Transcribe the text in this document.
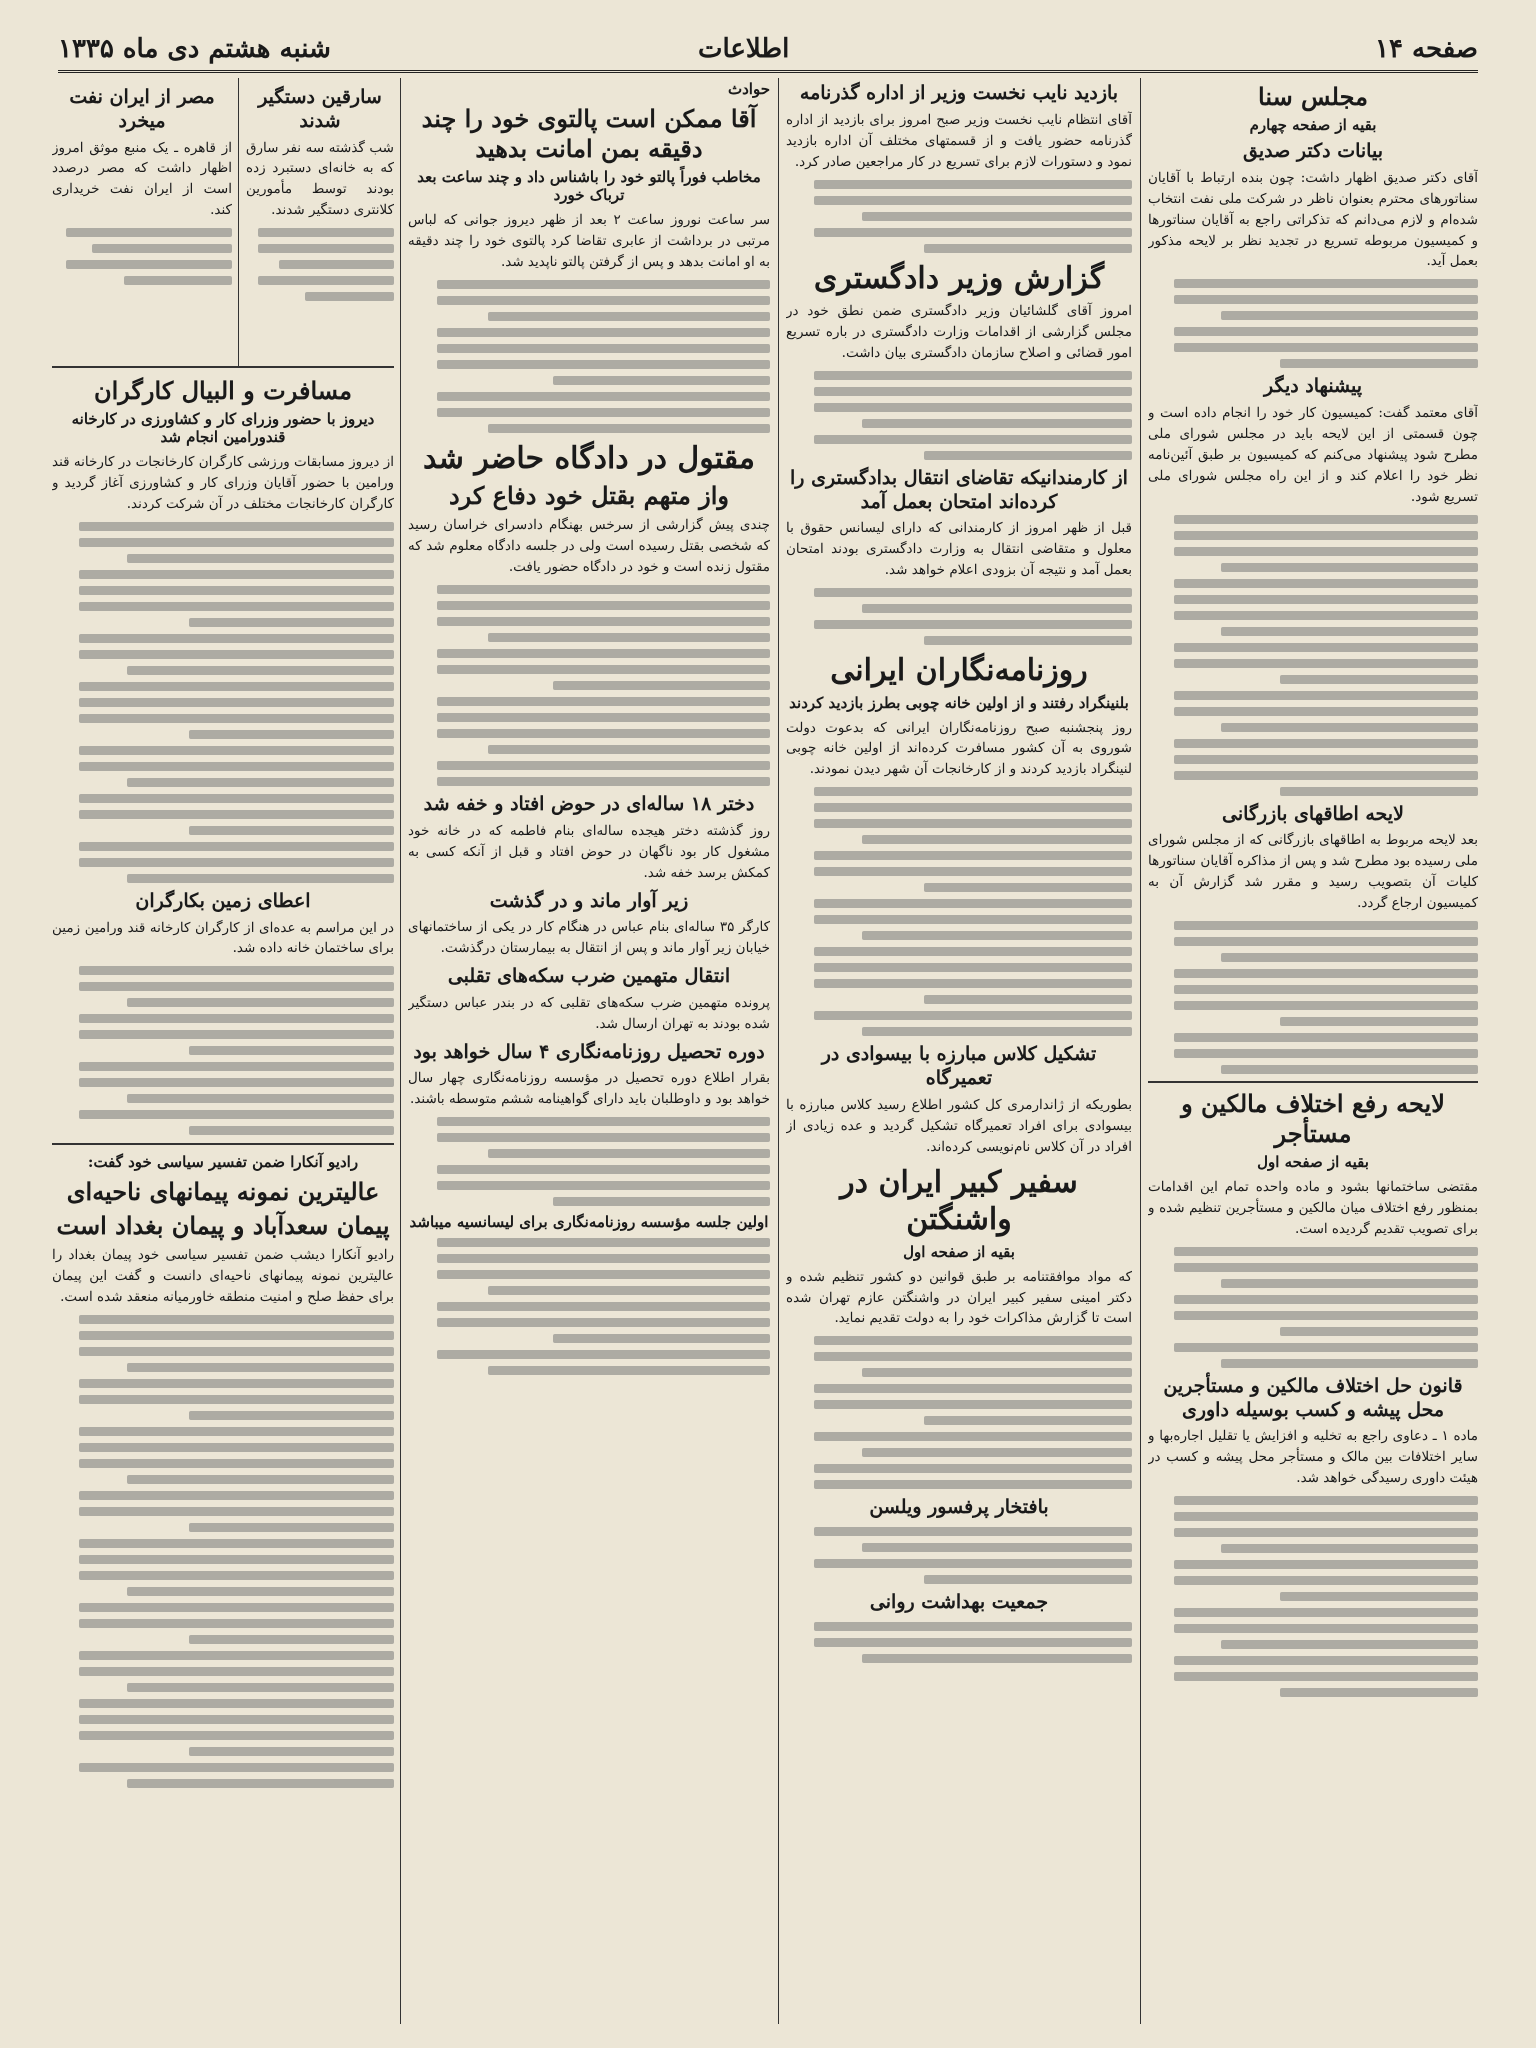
صفحه ۱۴
اطلاعات
شنبه هشتم دی ماه ۱۳۳۵
مجلس سنا
بقیه از صفحه چهارم
بیانات دکتر صدیق

آقای دکتر صدیق اظهار داشت: چون بنده ارتباط با آقایان سناتورهای محترم بعنوان ناظر در شرکت ملی نفت انتخاب شده‌ام و لازم می‌دانم که تذکراتی راجع به آقایان سناتورها و کمیسیون مربوطه تسریع در تجدید نظر بر لایحه مذکور بعمل آید.

پیشنهاد دیگر

آقای معتمد گفت: کمیسیون کار خود را انجام داده است و چون قسمتی از این لایحه باید در مجلس شورای ملی مطرح شود پیشنهاد می‌کنم که کمیسیون بر طبق آئین‌نامه نظر خود را اعلام کند و از این راه مجلس شورای ملی تسریع شود.

لایحه اطاقهای بازرگانی

بعد لایحه مربوط به اطاقهای بازرگانی که از مجلس شورای ملی رسیده بود مطرح شد و پس از مذاکره آقایان سناتورها کلیات آن بتصویب رسید و مقرر شد گزارش آن به کمیسیون ارجاع گردد.

لایحه رفع اختلاف مالکین و مستأجر
بقیه از صفحه اول

مقتضی ساختمانها بشود و ماده واحده تمام این اقدامات بمنظور رفع اختلاف میان مالکین و مستأجرین تنظیم شده و برای تصویب تقدیم گردیده است.

قانون حل اختلاف مالکین و مستأجرین محل پیشه و کسب بوسیله داوری

ماده ۱ ـ دعاوی راجع به تخلیه و افزایش یا تقلیل اجاره‌بها و سایر اختلافات بین مالک و مستأجر محل پیشه و کسب در هیئت داوری رسیدگی خواهد شد.

بازدید نایب نخست وزیر از اداره گذرنامه

آقای انتظام نایب نخست وزیر صبح امروز برای بازدید از اداره گذرنامه حضور یافت و از قسمتهای مختلف آن اداره بازدید نمود و دستورات لازم برای تسریع در کار مراجعین صادر کرد.

گزارش وزیر دادگستری

امروز آقای گلشائیان وزیر دادگستری ضمن نطق خود در مجلس گزارشی از اقدامات وزارت دادگستری در باره تسریع امور قضائی و اصلاح سازمان دادگستری بیان داشت.

از کارمندانیکه تقاضای انتقال بدادگستری را کرده‌اند امتحان بعمل آمد

قبل از ظهر امروز از کارمندانی که دارای لیسانس حقوق با معلول و متقاضی انتقال به وزارت دادگستری بودند امتحان بعمل آمد و نتیجه آن بزودی اعلام خواهد شد.

روزنامه‌نگاران ایرانی
بلنینگراد رفتند و از اولین خانه چوبی بطرز بازدید کردند

روز پنجشنبه صبح روزنامه‌نگاران ایرانی که بدعوت دولت شوروی به آن کشور مسافرت کرده‌اند از اولین خانه چوبی لنینگراد بازدید کردند و از کارخانجات آن شهر دیدن نمودند.

تشکیل کلاس مبارزه با بیسوادی در تعمیرگاه

بطوریکه از ژاندارمری کل کشور اطلاع رسید کلاس مبارزه با بیسوادی برای افراد تعمیرگاه تشکیل گردید و عده زیادی از افراد در آن کلاس نام‌نویسی کرده‌اند.

سفیر کبیر ایران در واشنگتن
بقیه از صفحه اول

که مواد موافقتنامه بر طبق قوانین دو کشور تنظیم شده و دکتر امینی سفیر کبیر ایران در واشنگتن عازم تهران شده است تا گزارش مذاکرات خود را به دولت تقدیم نماید.

بافتخار پرفسور ویلسن
جمعیت بهداشت روانی
حوادث
آقا ممکن است پالتوی خود را چند دقیقه بمن امانت بدهید
مخاطب فوراً پالتو خود را باشناس داد و چند ساعت بعد ترباک خورد

سر ساعت نوروز ساعت ۲ بعد از ظهر دیروز جوانی که لباس مرتبی در برداشت از عابری تقاضا کرد پالتوی خود را چند دقیقه به او امانت بدهد و پس از گرفتن پالتو ناپدید شد.

مقتول در دادگاه حاضر شد
واز متهم بقتل خود دفاع کرد

چندی پیش گزارشی از سرخس بهنگام دادسرای خراسان رسید که شخصی بقتل رسیده است ولی در جلسه دادگاه معلوم شد که مقتول زنده است و خود در دادگاه حضور یافت.

دختر ۱۸ ساله‌ای در حوض افتاد و خفه شد

روز گذشته دختر هیجده ساله‌ای بنام فاطمه که در خانه خود مشغول کار بود ناگهان در حوض افتاد و قبل از آنکه کسی به کمکش برسد خفه شد.

زیر آوار ماند و در گذشت

کارگر ۳۵ ساله‌ای بنام عباس در هنگام کار در یکی از ساختمانهای خیابان زیر آوار ماند و پس از انتقال به بیمارستان درگذشت.

انتقال متهمین ضرب سکه‌های تقلبی

پرونده متهمین ضرب سکه‌های تقلبی که در بندر عباس دستگیر شده بودند به تهران ارسال شد.

دوره تحصیل روزنامه‌نگاری ۴ سال خواهد بود

بقرار اطلاع دوره تحصیل در مؤسسه روزنامه‌نگاری چهار سال خواهد بود و داوطلبان باید دارای گواهینامه ششم متوسطه باشند.

اولین جلسه مؤسسه روزنامه‌نگاری برای لیسانسیه میباشد
مصر از ایران نفت میخرد

از قاهره ـ یک منبع موثق امروز اظهار داشت که مصر درصدد است از ایران نفت خریداری کند.

سارقین دستگیر شدند

شب گذشته سه نفر سارق که به خانه‌ای دستبرد زده بودند توسط مأمورین کلانتری دستگیر شدند.

مسافرت و البیال کارگران
دیروز با حضور وزرای کار و کشاورزی در کارخانه قندورامین انجام شد

از دیروز مسابقات ورزشی کارگران کارخانجات در کارخانه قند ورامین با حضور آقایان وزرای کار و کشاورزی آغاز گردید و کارگران کارخانجات مختلف در آن شرکت کردند.

اعطای زمین بکارگران

در این مراسم به عده‌ای از کارگران کارخانه قند ورامین زمین برای ساختمان خانه داده شد.

رادیو آنکارا ضمن تفسیر سیاسی خود گفت:
عالیترین نمونه پیمانهای ناحیه‌ای
پیمان سعدآباد و پیمان بغداد است

رادیو آنکارا دیشب ضمن تفسیر سیاسی خود پیمان بغداد را عالیترین نمونه پیمانهای ناحیه‌ای دانست و گفت این پیمان برای حفظ صلح و امنیت منطقه خاورمیانه منعقد شده است.
